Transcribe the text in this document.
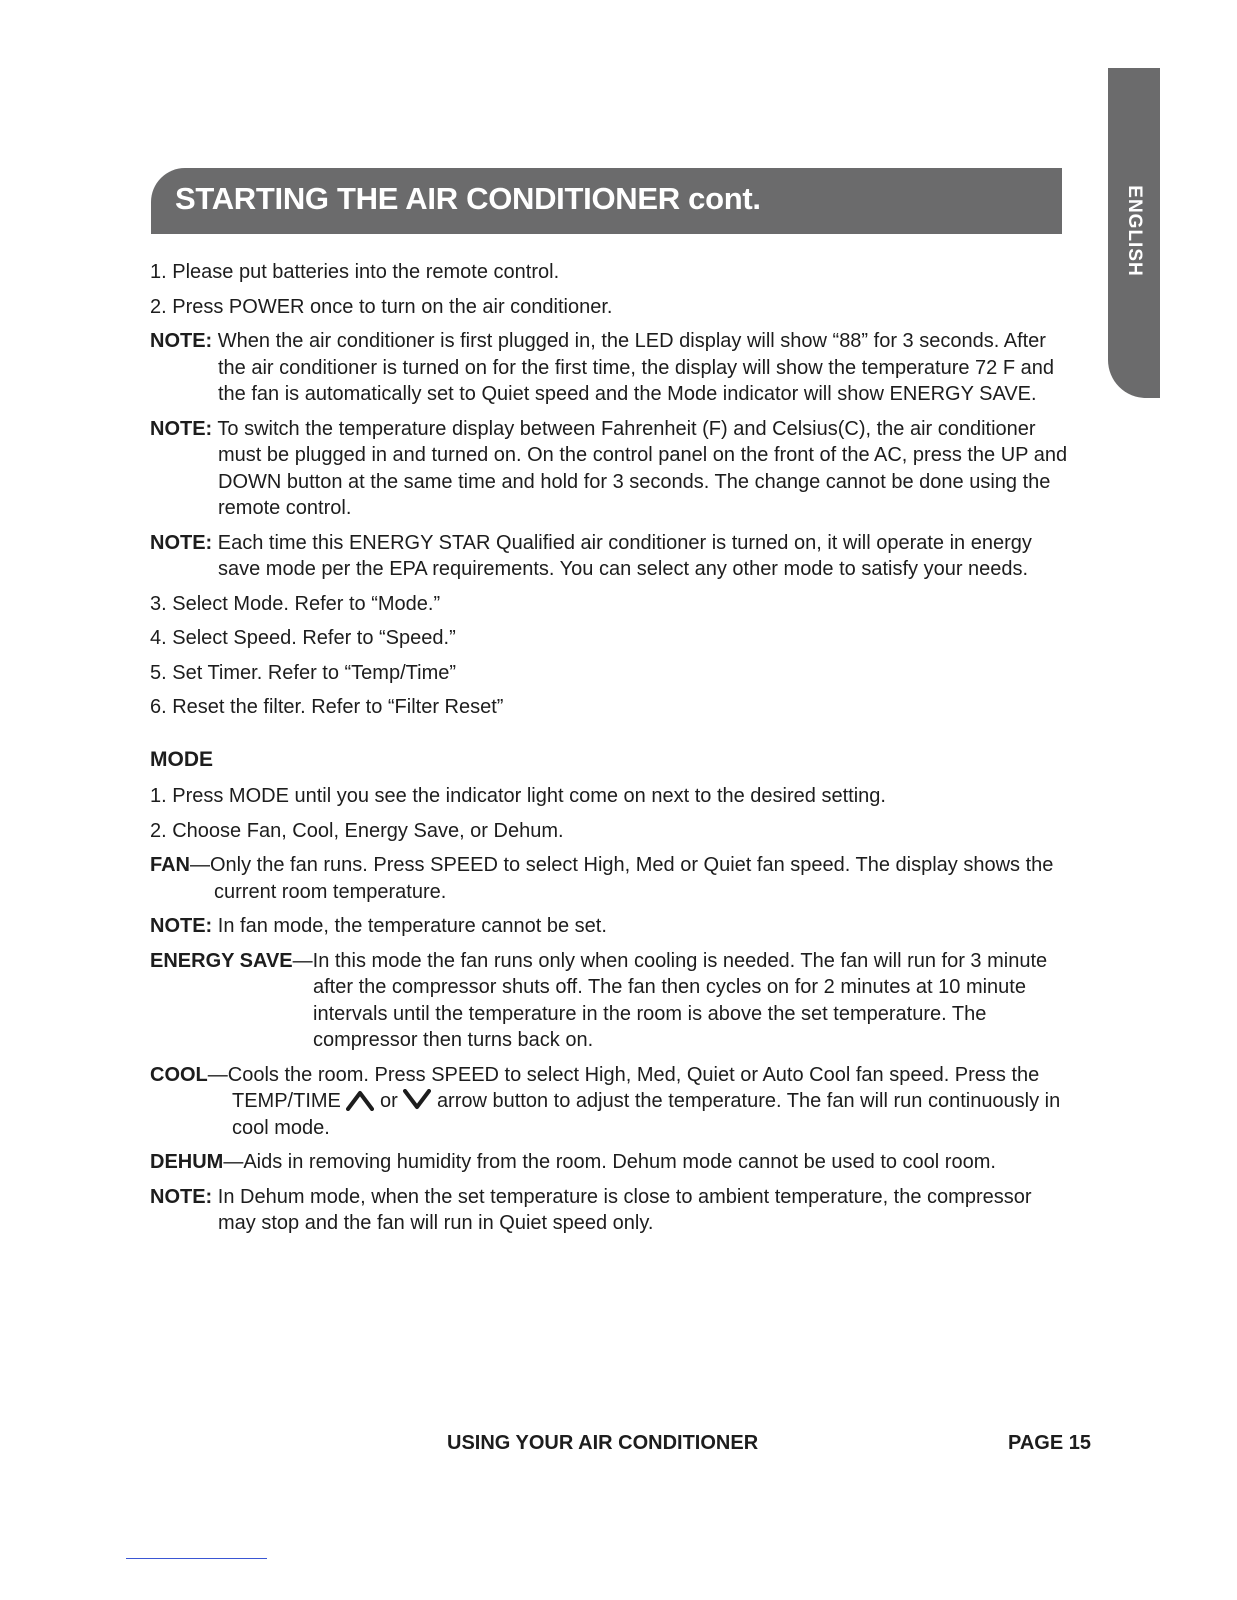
ENGLISH
STARTING THE AIR CONDITIONER cont.

1. Please put batteries into the remote control.

2. Press POWER once to turn on the air conditioner.

NOTE: When the air conditioner is first plugged in, the LED display will show “88” for 3 seconds. After the air conditioner is turned on for the first time, the display will show the temperature 72 F and the fan is automatically set to Quiet speed and the Mode indicator will show ENERGY SAVE.

NOTE: To switch the temperature display between Fahrenheit (F) and Celsius(C), the air conditioner must be plugged in and turned on. On the control panel on the front of the AC, press the UP and DOWN button at the same time and hold for 3 seconds. The change cannot be done using the remote control.

NOTE: Each time this ENERGY STAR Qualified air conditioner is turned on, it will operate in energy save mode per the EPA requirements. You can select any other mode to satisfy your needs.

3. Select Mode. Refer to “Mode.”

4. Select Speed. Refer to “Speed.”

5. Set Timer. Refer to “Temp/Time”

6. Reset the filter. Refer to “Filter Reset”

MODE

1. Press MODE until you see the indicator light come on next to the desired setting.

2. Choose Fan, Cool, Energy Save, or Dehum.

FAN—Only the fan runs. Press SPEED to select High, Med or Quiet fan speed. The display shows the current room temperature.

NOTE: In fan mode, the temperature cannot be set.

ENERGY SAVE—In this mode the fan runs only when cooling is needed. The fan will run for 3 minute after the compressor shuts off. The fan then cycles on for 2 minutes at 10 minute intervals until the temperature in the room is above the set temperature. The compressor then turns back on.

COOL—Cools the room. Press SPEED to select High, Med, Quiet or Auto Cool fan speed. Press the TEMP/TIME or arrow button to adjust the temperature. The fan will run continuously in cool mode.

DEHUM—Aids in removing humidity from the room. Dehum mode cannot be used to cool room.

NOTE: In Dehum mode, when the set temperature is close to ambient temperature, the compressor may stop and the fan will run in Quiet speed only.

USING YOUR AIR CONDITIONER	PAGE 15
